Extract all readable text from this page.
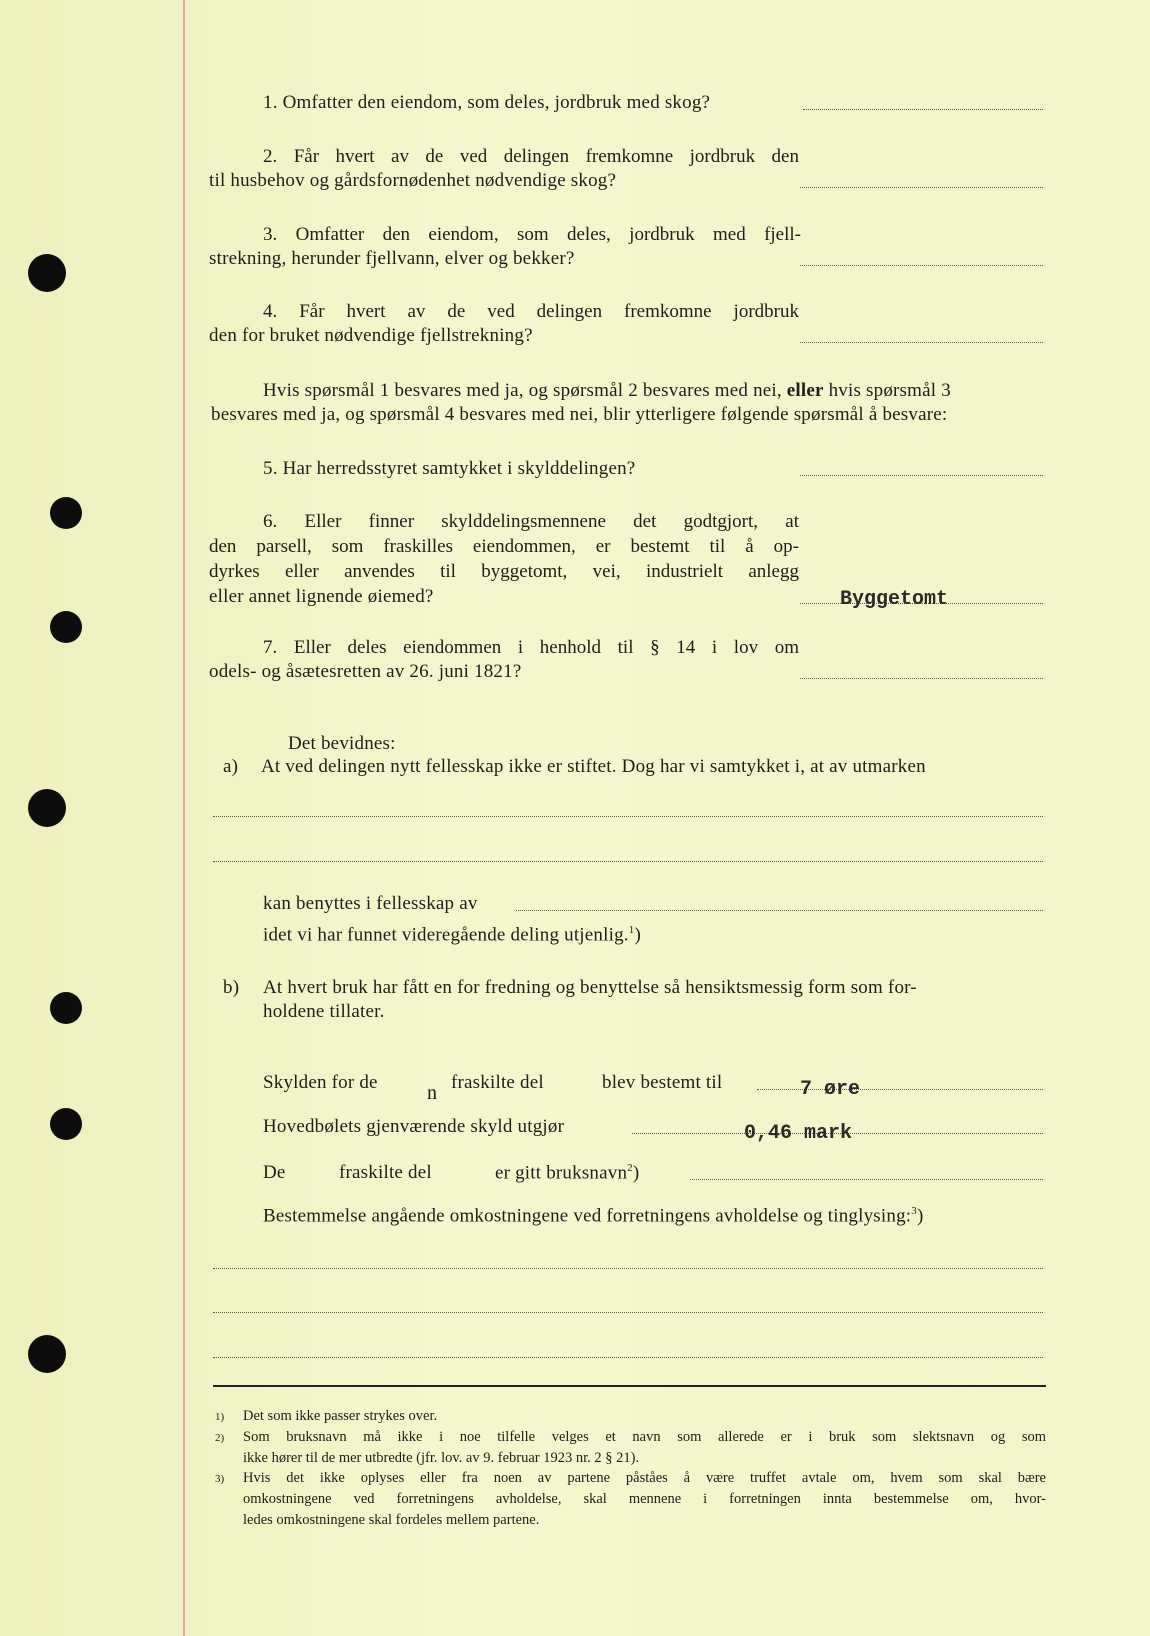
1. Omfatter den eiendom, som deles, jordbruk med skog?
2. Får hvert av de ved delingen fremkomne jordbruk den
til husbehov og gårdsfornødenhet nødvendige skog?
3. Omfatter den eiendom, som deles, jordbruk med fjell-
strekning, herunder fjellvann, elver og bekker?
4. Får hvert av de ved delingen fremkomne jordbruk
den for bruket nødvendige fjellstrekning?
Hvis spørsmål 1 besvares med ja, og spørsmål 2 besvares med nei, eller hvis spørsmål 3
besvares med ja, og spørsmål 4 besvares med nei, blir ytterligere følgende spørsmål å besvare:
5. Har herredsstyret samtykket i skylddelingen?
6. Eller finner skylddelingsmennene det godtgjort, at
den parsell, som fraskilles eiendommen, er bestemt til å op-
dyrkes eller anvendes til byggetomt, vei, industrielt anlegg
eller annet lignende øiemed?	Byggetomt
7. Eller deles eiendommen i henhold til § 14 i lov om
odels- og åsætesretten av 26. juni 1821?
Det bevidnes:
a) At ved delingen nytt fellesskap ikke er stiftet. Dog har vi samtykket i, at av utmarken
kan benyttes i fellesskap av
idet vi har funnet videregående deling utjenlig.$^1$)
b) At hvert bruk har fått en for fredning og benyttelse så hensiktsmessig form som for-
holdene tillater.
Skylden for de n fraskilte del	blev bestemt til	7 øre
Hovedbølets gjenværende skyld utgjør	0,46 mark
De	fraskilte del	er gitt bruksnavn$^2$)
Bestemmelse angående omkostningene ved forretningens avholdelse og tinglysing:$^3$)
1) Det som ikke passer strykes over.
2) Som bruksnavn må ikke i noe tilfelle velges et navn som allerede er i bruk som slektsnavn og som
ikke hører til de mer utbredte (jfr. lov. av 9. februar 1923 nr. 2 § 21).
3) Hvis det ikke oplyses eller fra noen av partene påståes å være truffet avtale om, hvem som skal bære
omkostningene ved forretningens avholdelse, skal mennene i forretningen innta bestemmelse om, hvor-
ledes omkostningene skal fordeles mellem partene.
